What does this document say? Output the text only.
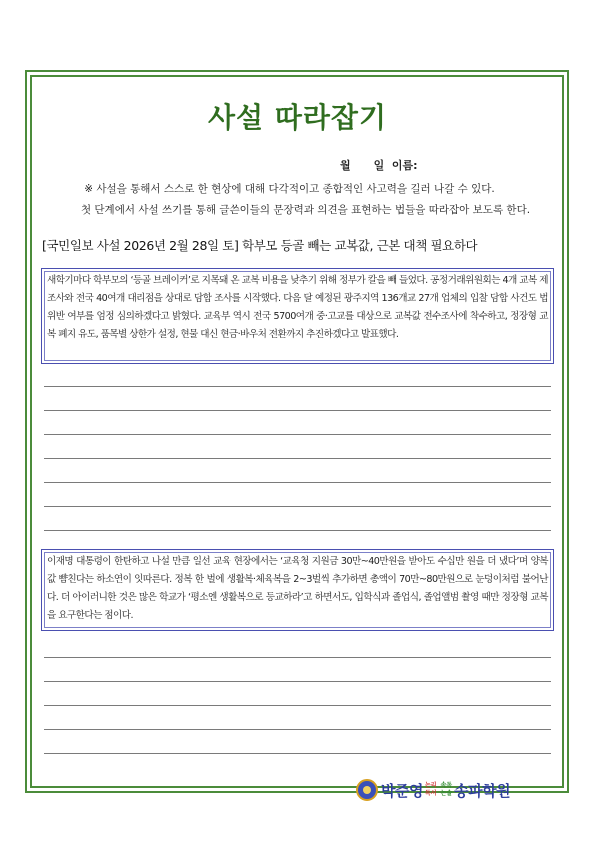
사설 따라잡기
월      일  이름:
※ 사설을 통해서 스스로 한 현상에 대해 다각적이고 종합적인 사고력을 길러 나갈 수 있다.
첫 단계에서 사설 쓰기를 통해 글쓴이들의 문장력과 의견을 표현하는 법들을 따라잡아 보도록 한다.
[국민일보 사설 2026년 2월 28일 토] 학부모 등골 빼는 교복값, 근본 대책 필요하다

새학기마다 학부모의 ‘등골 브레이커’로 지목돼 온 교복 비용을 낮추기 위해 정부가 칼을 빼 들었다. 공정거래위원회는 4개 교복 제조사와 전국 40여개 대리점을 상대로 담합 조사를 시작했다. 다음 달 예정된 광주지역 136개교 27개 업체의 입찰 담합 사건도 법 위반 여부를 엄정 심의하겠다고 밝혔다. 교육부 역시 전국 5700여개 중·고교를 대상으로 교복값 전수조사에 착수하고, 정장형 교복 폐지 유도, 품목별 상한가 설정, 현물 대신 현금·바우처 전환까지 추진하겠다고 발표했다.

이재명 대통령이 한탄하고 나설 만큼 일선 교육 현장에서는 ‘교육청 지원금 30만~40만원을 받아도 수십만 원을 더 냈다’며 양복값 뺨친다는 하소연이 잇따른다. 정복 한 벌에 생활복·체육복을 2~3벌씩 추가하면 총액이 70만~80만원으로 눈덩이처럼 불어난다. 더 아이러니한 것은 많은 학교가 ‘평소엔 생활복으로 등교하라’고 하면서도, 입학식과 졸업식, 졸업앨범 촬영 때만 정장형 교복을 요구한다는 점이다.

박준영 논리
독서
속독
논술 송파학원
